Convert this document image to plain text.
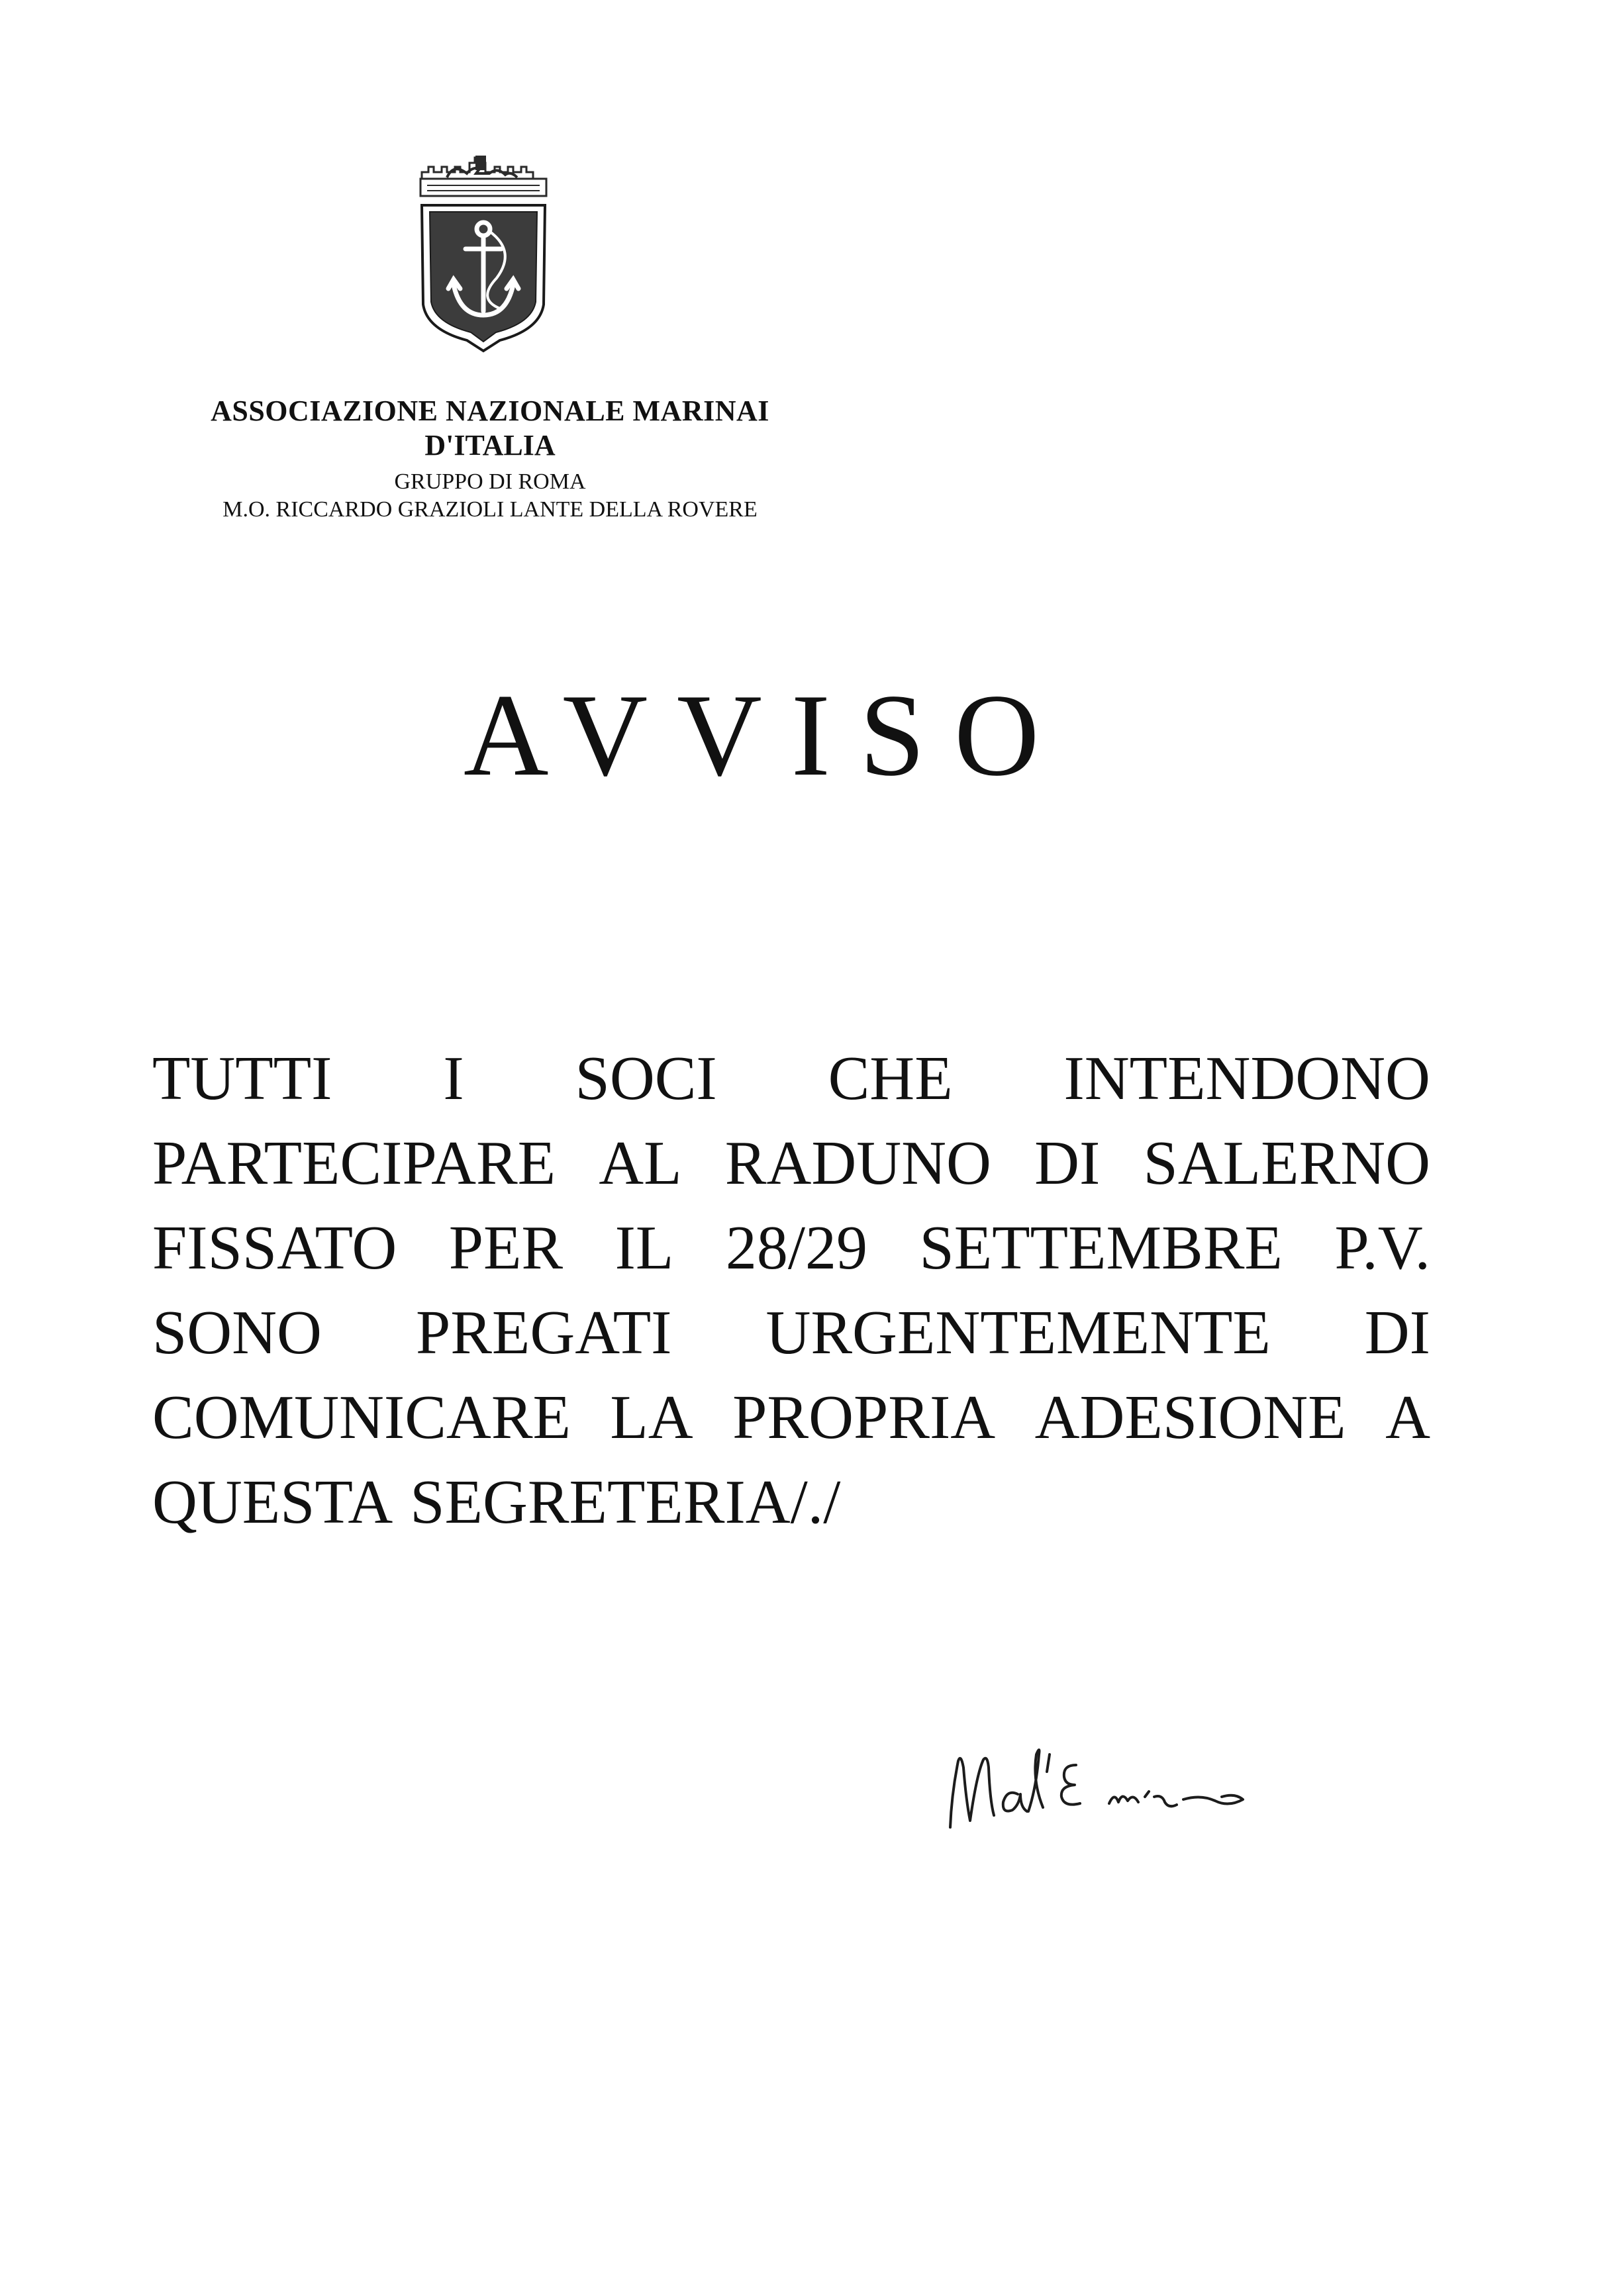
ASSOCIAZIONE NAZIONALE MARINAI
D'ITALIA
GRUPPO DI ROMA
M.O. RICCARDO GRAZIOLI LANTE DELLA ROVERE
AVVISO
TUTTI I SOCI CHE INTENDONO
PARTECIPARE AL RADUNO DI SALERNO
FISSATO PER IL 28/29 SETTEMBRE P.V.
SONO PREGATI URGENTEMENTE DI
COMUNICARE LA PROPRIA ADESIONE A
QUESTA SEGRETERIA/./
